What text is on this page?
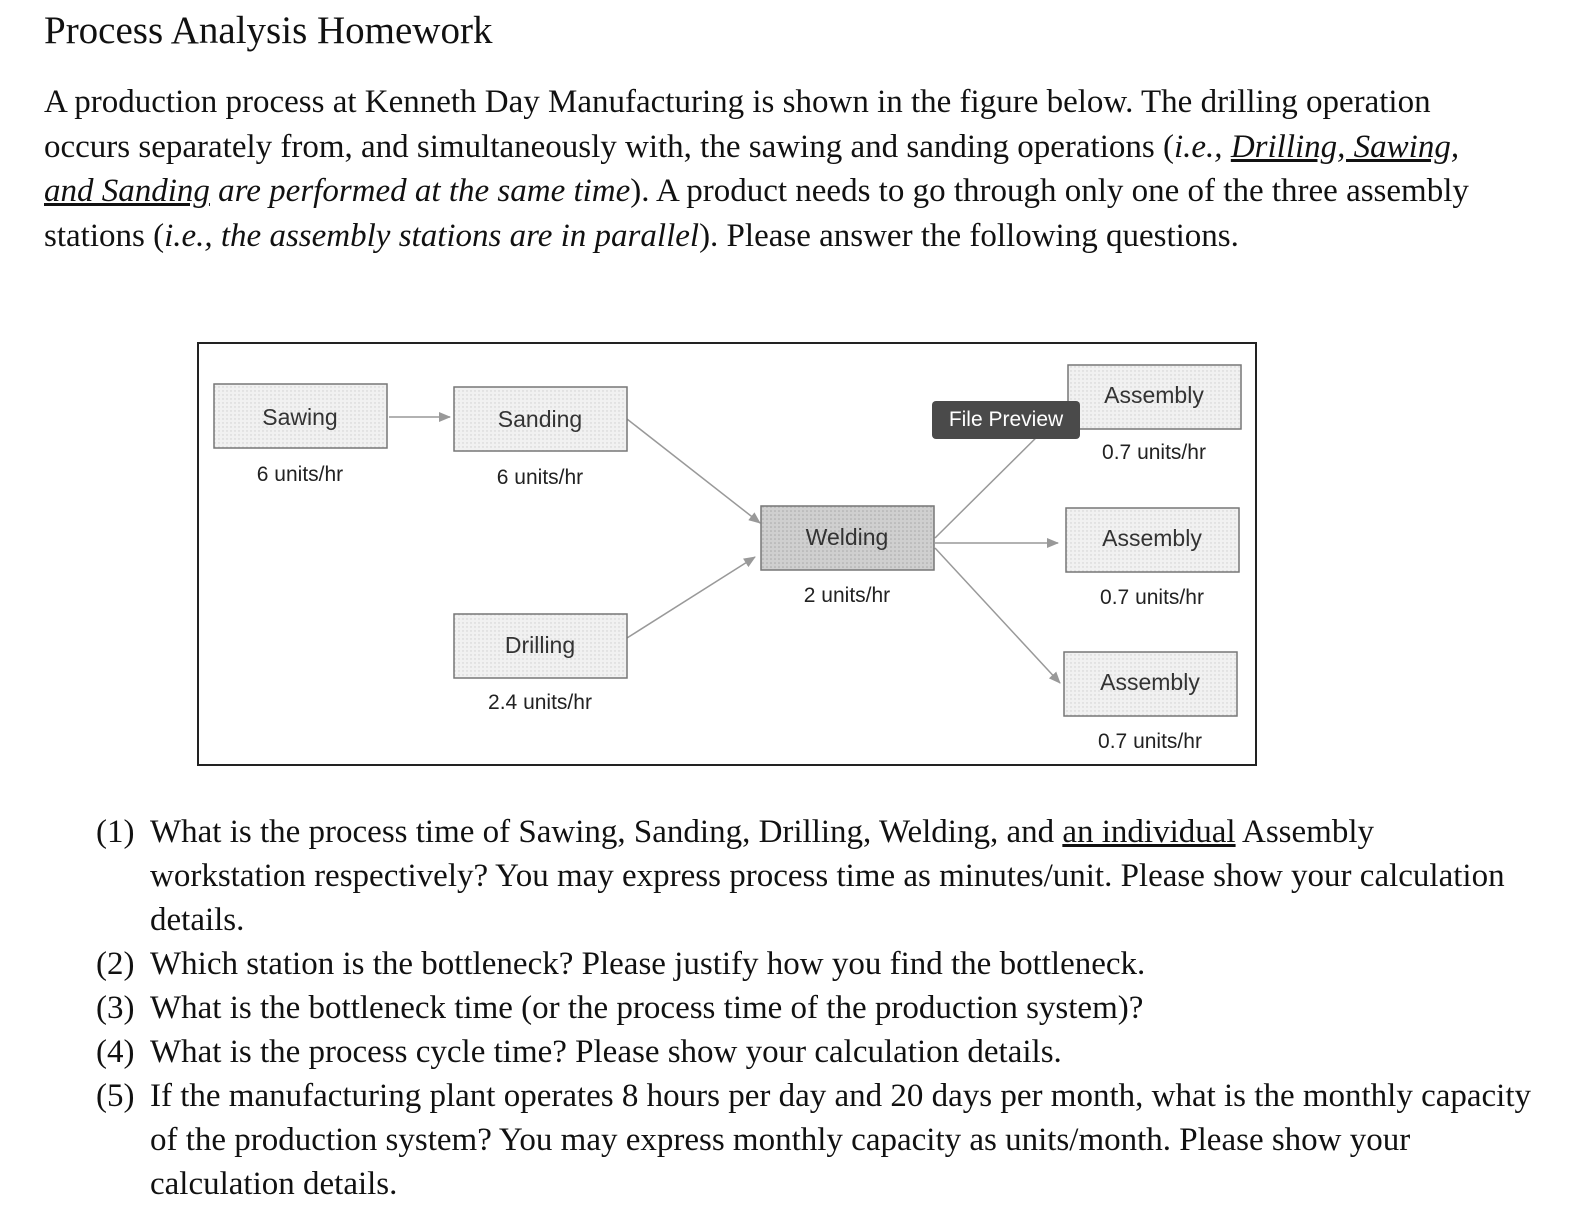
Process Analysis Homework

A production process at Kenneth Day Manufacturing is shown in the figure below. The drilling operation occurs separately from, and simultaneously with, the sawing and sanding operations (i.e., Drilling, Sawing, and Sanding are performed at the same time). A product needs to go through only one of the three assembly stations (i.e., the assembly stations are in parallel). Please answer the following questions.

Sawing
6 units/hr
Sanding
6 units/hr
Drilling
2.4 units/hr
Welding
2 units/hr
Assembly
0.7 units/hr
Assembly
0.7 units/hr
Assembly
0.7 units/hr
File Preview
(1) What is the process time of Sawing, Sanding, Drilling, Welding, and an individual Assembly workstation respectively? You may express process time as minutes/unit. Please show your calculation details.
(2) Which station is the bottleneck? Please justify how you find the bottleneck.
(3) What is the bottleneck time (or the process time of the production system)?
(4) What is the process cycle time? Please show your calculation details.
(5) If the manufacturing plant operates 8 hours per day and 20 days per month, what is the monthly capacity of the production system? You may express monthly capacity as units/month. Please show your calculation details.
